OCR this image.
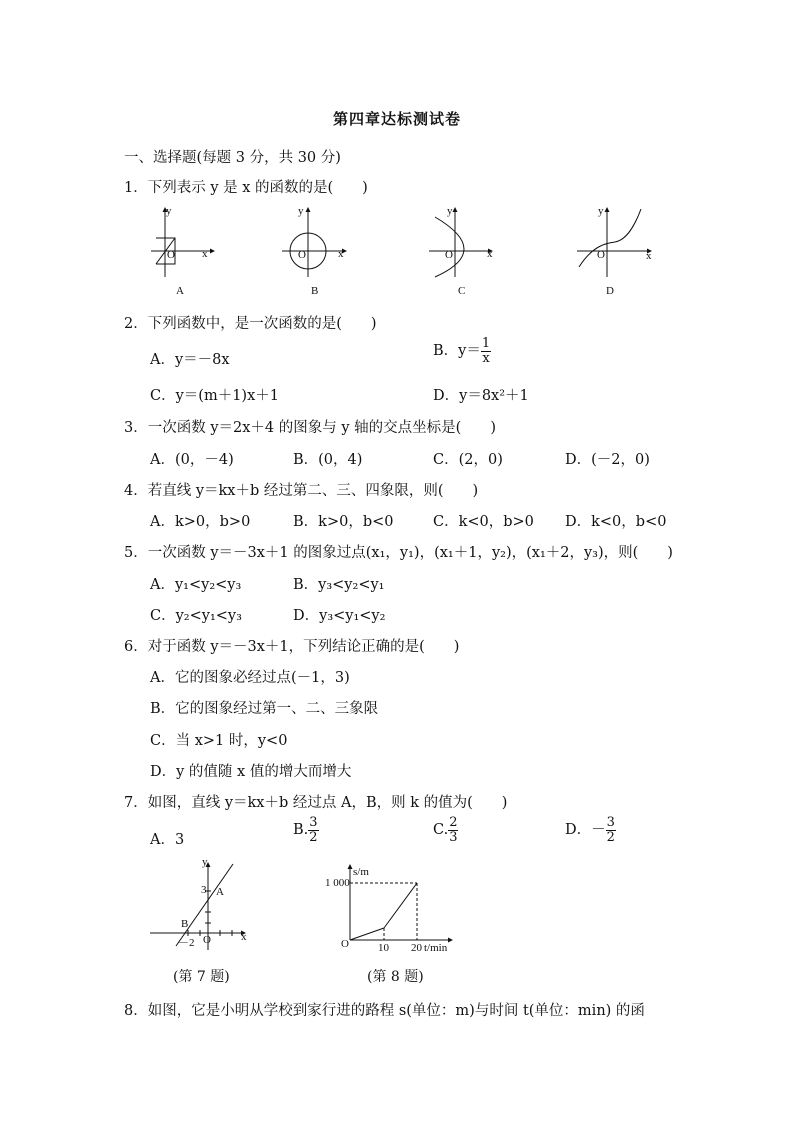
第四章达标测试卷
一、选择题(每题 3 分，共 30 分)
1．下列表示 y 是 x 的函数的是(　　)
y
x
O
A
y
x
O
B
y
x
O
C
y
x
O
D
2．下列函数中，是一次函数的是(　　)
A．y＝－8x
B．$y= \frac{1}{x}$
C．y＝(m＋1)x＋1	D．y＝8x²＋1
3．一次函数 y＝2x＋4 的图象与 y 轴的交点坐标是(　　)
A．(0，－4)	B．(0，4)	C．(2，0)	D．(－2，0)
4．若直线 y＝kx＋b 经过第二、三、四象限，则(　　)
A．k>0，b>0	B．k>0，b<0	C．k<0，b>0 D．k<0，b<0
5．一次函数 y＝－3x＋1 的图象过点(x₁，y₁)，(x₁＋1，y₂)，(x₁＋2，y₃)，则(　　)
A．y₁<y₂<y₃	B．y₃<y₂<y₁
C．y₂<y₁<y₃	D．y₃<y₁<y₂
6．对于函数 y＝－3x＋1，下列结论正确的是(　　)
A．它的图象必经过点(－1，3)
B．它的图象经过第一、二、三象限
C．当 x>1 时，y<0
D．y 的值随 x 值的增大而增大
7．如图，直线 y＝kx＋b 经过点 A，B，则 k 的值为(　　)
A．3
B. $\frac{3}{2}$	C. $\frac{2}{3}$	D．－ $\frac{3}{2}$
y
x
A
3
B
－2 O
(第 7 题)
s/m
1 000
O	10 20 t/min
(第 8 题)
8．如图，它是小明从学校到家行进的路程 s(单位：m)与时间 t(单位：min) 的函
